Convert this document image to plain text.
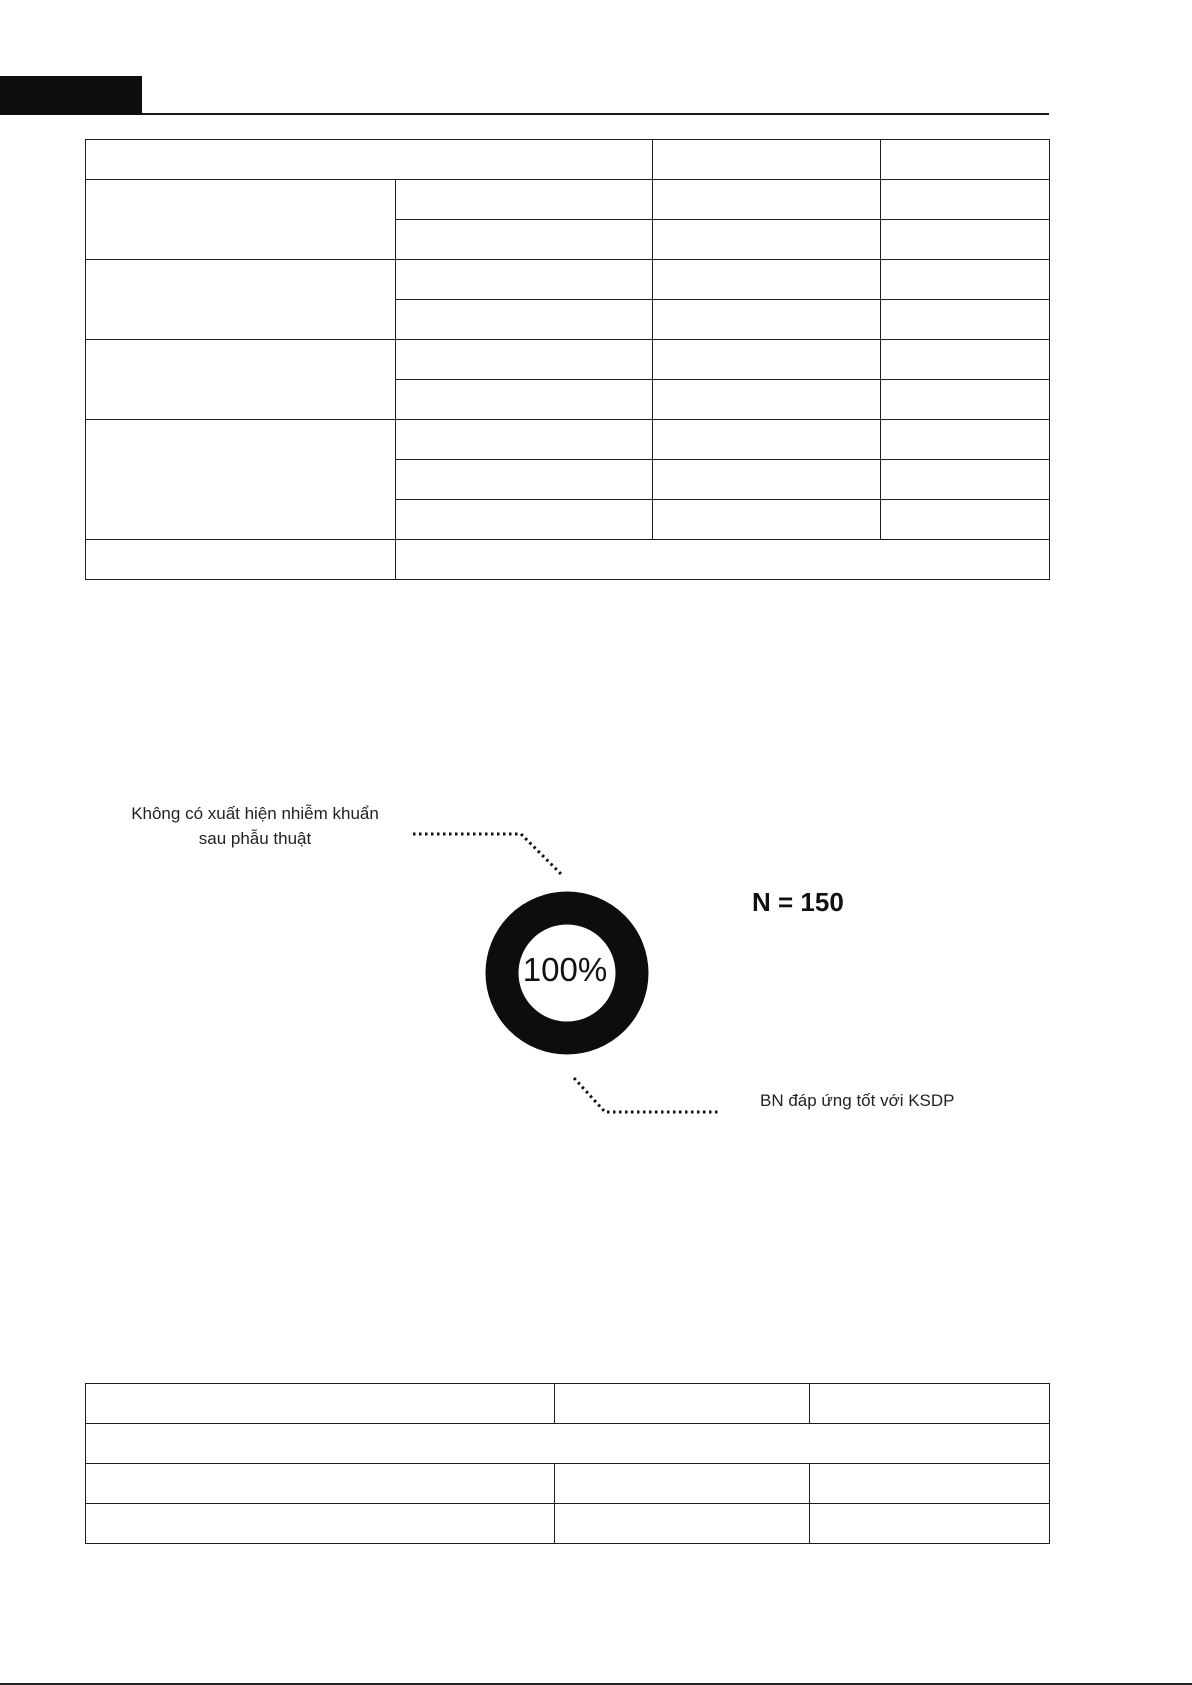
Không có xuất hiện nhiễm khuẩn sau phẫu thuật
N = 150
100%
BN đáp ứng tốt với KSDP
